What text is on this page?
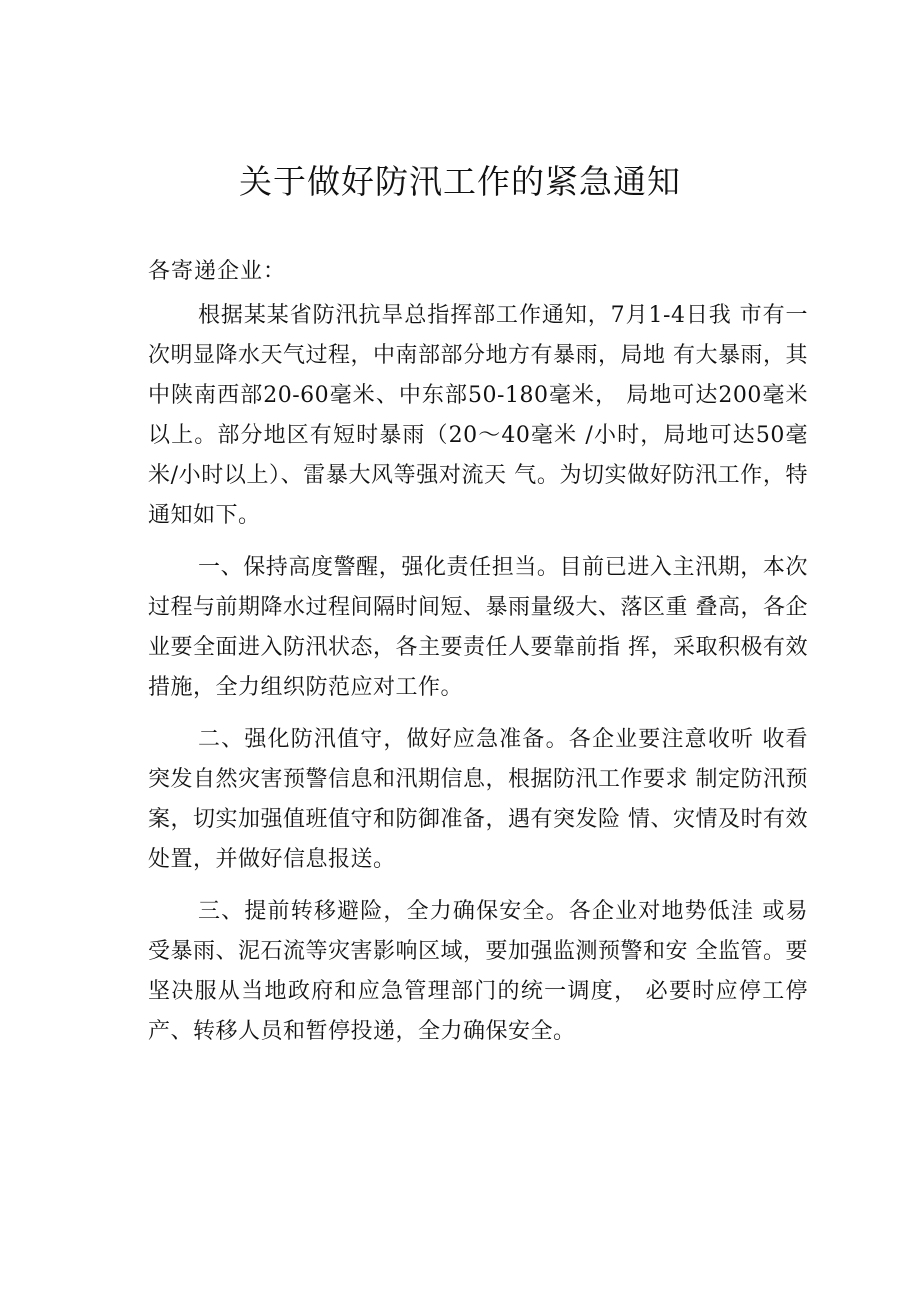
关于做好防汛工作的紧急通知

各寄递企业：

根据某某省防汛抗旱总指挥部工作通知，7月1-4日我 市有一次明显降水天气过程，中南部部分地方有暴雨，局地 有大暴雨，其中陕南西部20-60毫米、中东部50-180毫米， 局地可达200毫米以上。部分地区有短时暴雨（20～40毫米 /小时，局地可达50毫米/小时以上）、雷暴大风等强对流天 气。为切实做好防汛工作，特通知如下。

一、保持高度警醒，强化责任担当。目前已进入主汛期，本次过程与前期降水过程间隔时间短、暴雨量级大、落区重 叠高，各企业要全面进入防汛状态，各主要责任人要靠前指 挥，采取积极有效措施，全力组织防范应对工作。

二、强化防汛值守，做好应急准备。各企业要注意收听 收看突发自然灾害预警信息和汛期信息，根据防汛工作要求 制定防汛预案，切实加强值班值守和防御准备，遇有突发险 情、灾情及时有效处置，并做好信息报送。

三、提前转移避险，全力确保安全。各企业对地势低洼 或易受暴雨、泥石流等灾害影响区域，要加强监测预警和安 全监管。要坚决服从当地政府和应急管理部门的统一调度， 必要时应停工停产、转移人员和暂停投递，全力确保安全。
